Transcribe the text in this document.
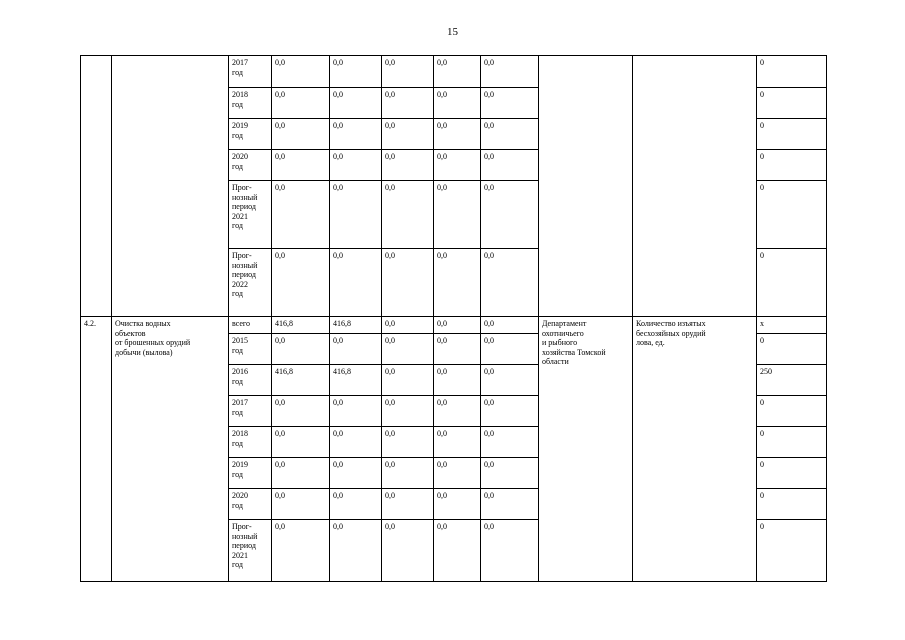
15
		2017
год	0,0	0,0	0,0	0,0	0,0			0
		2018
год	0,0	0,0	0,0	0,0	0,0			0
		2019
год	0,0	0,0	0,0	0,0	0,0			0
		2020
год	0,0	0,0	0,0	0,0	0,0			0
		Прог-
нозный
период
2021
год	0,0	0,0	0,0	0,0	0,0			0
		Прог-
нозный
период
2022
год	0,0	0,0	0,0	0,0	0,0			0
4.2.	Очистка водных
объектов
от брошенных орудий
добычи (вылова)	всего	416,8	416,8	0,0	0,0	0,0	Департамент
охотничьего
и рыбного
хозяйства Томской
области	Количество изъятых
бесхозяйных орудий
лова, ед.	x
		2015
год	0,0	0,0	0,0	0,0	0,0			0
		2016
год	416,8	416,8	0,0	0,0	0,0			250
		2017
год	0,0	0,0	0,0	0,0	0,0			0
		2018
год	0,0	0,0	0,0	0,0	0,0			0
		2019
год	0,0	0,0	0,0	0,0	0,0			0
		2020
год	0,0	0,0	0,0	0,0	0,0			0
		Прог-
нозный
период
2021
год	0,0	0,0	0,0	0,0	0,0			0
